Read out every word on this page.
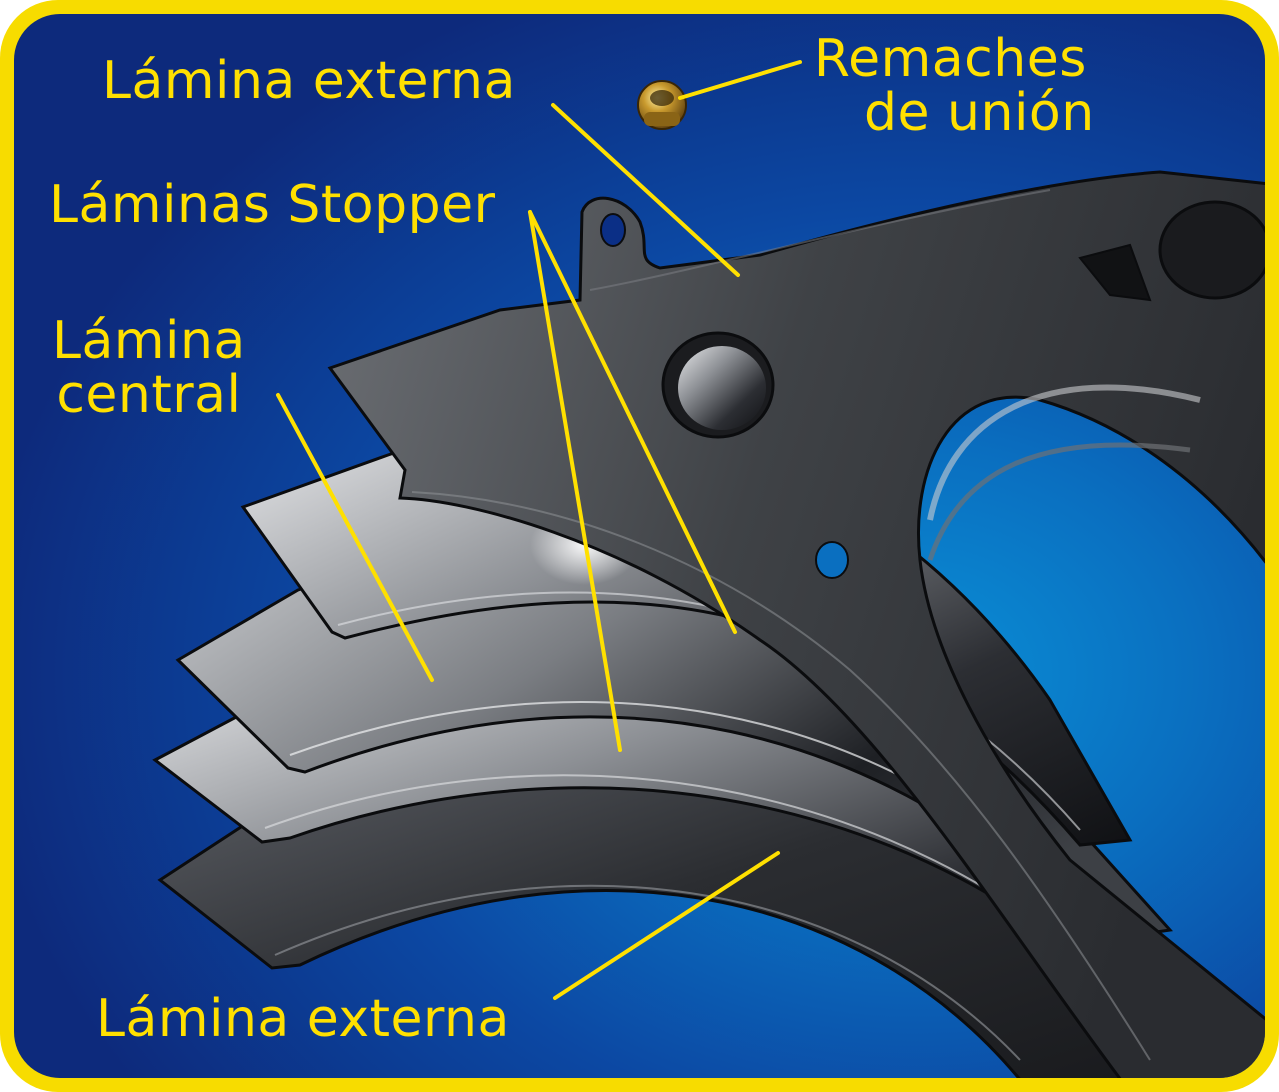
Lámina externa	Remaches
de unión
Láminas Stopper
Lámina
central
Lámina externa
